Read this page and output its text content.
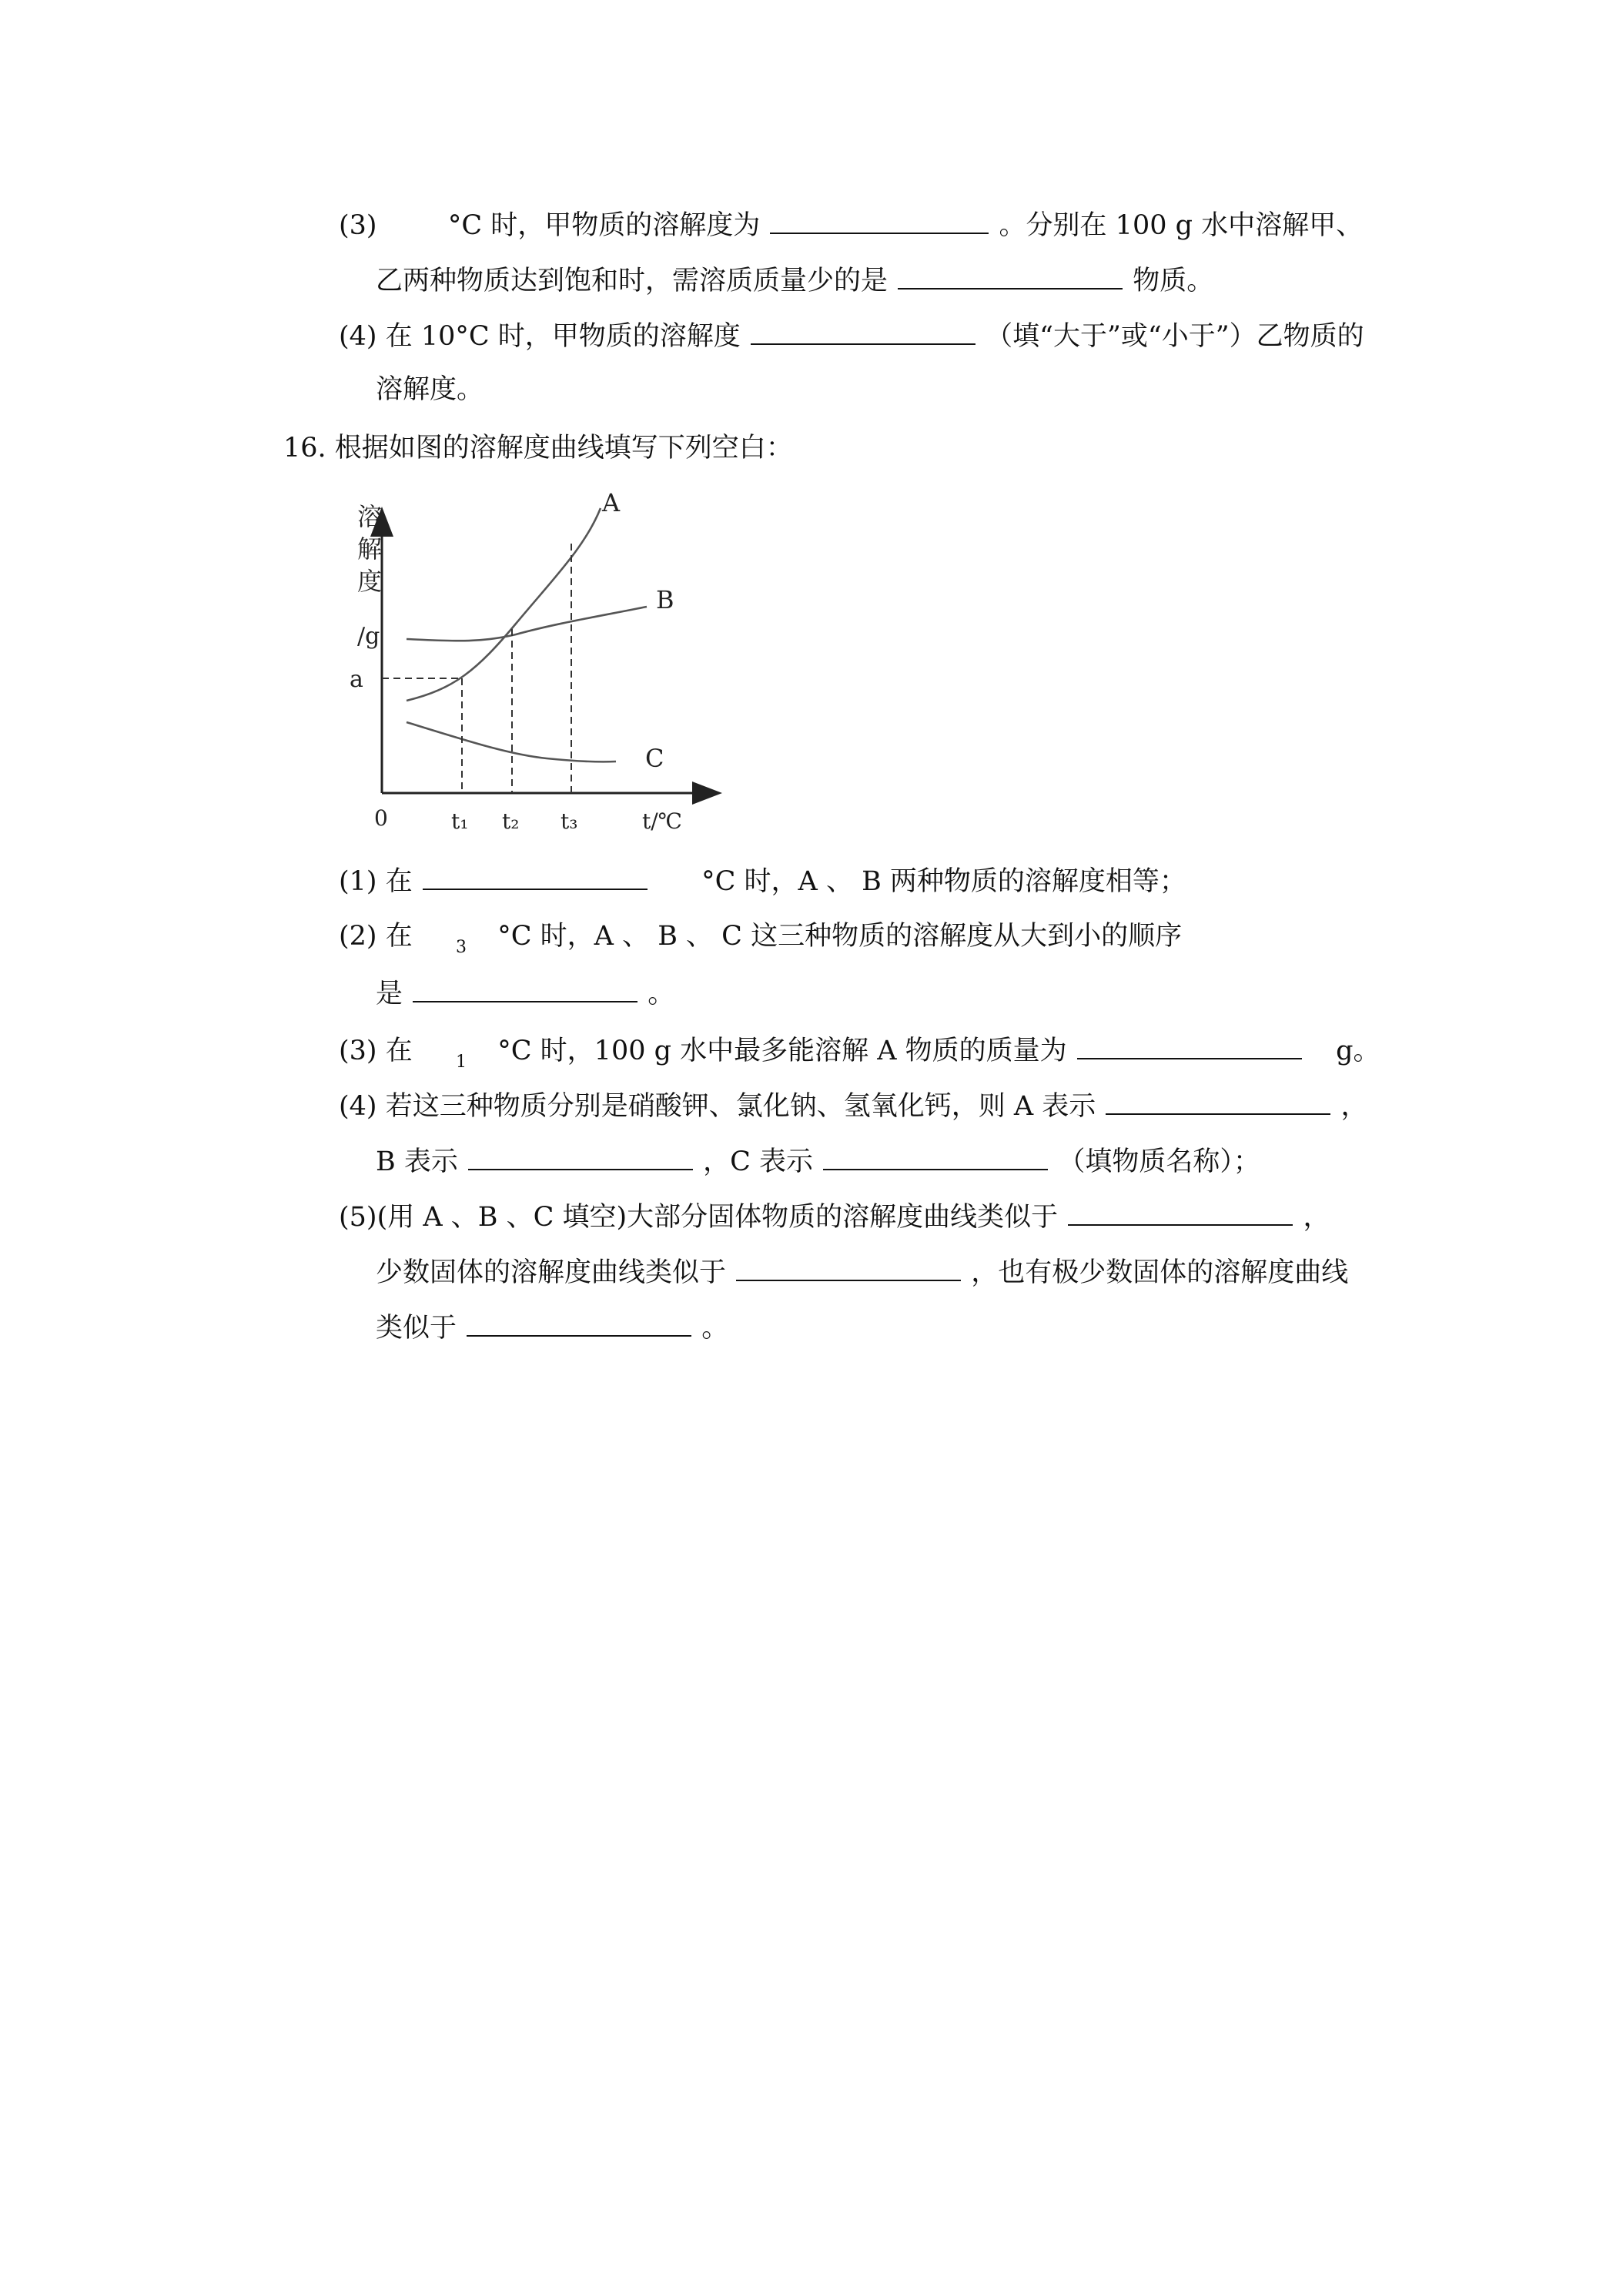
(3)	°C 时，甲物质的溶解度为	。分别在 100 g 水中溶解甲、
乙两种物质达到饱和时，需溶质质量少的是	物质。
(4) 在 10°C 时，甲物质的溶解度	（填“大于”或“小于”）乙物质的
溶解度。
16. 根据如图的溶解度曲线填写下列空白：
溶
解
度
/g
A
B
C
a
0	t₁ t₂ t₃	t/℃
(1) 在	°C 时，A 、 B 两种物质的溶解度相等；
(2) 在	$_3$ °C 时，A 、 B 、 C 这三种物质的溶解度从大到小的顺序
是	。
(3) 在	$_1$ °C 时，100 g 水中最多能溶解 A 物质的质量为	g。
(4) 若这三种物质分别是硝酸钾、氯化钠、氢氧化钙，则 A 表示	，
B 表示	，C 表示	（填物质名称）；
(5)(用 A 、B 、C 填空)大部分固体物质的溶解度曲线类似于	，
少数固体的溶解度曲线类似于	，也有极少数固体的溶解度曲线
类似于	。
